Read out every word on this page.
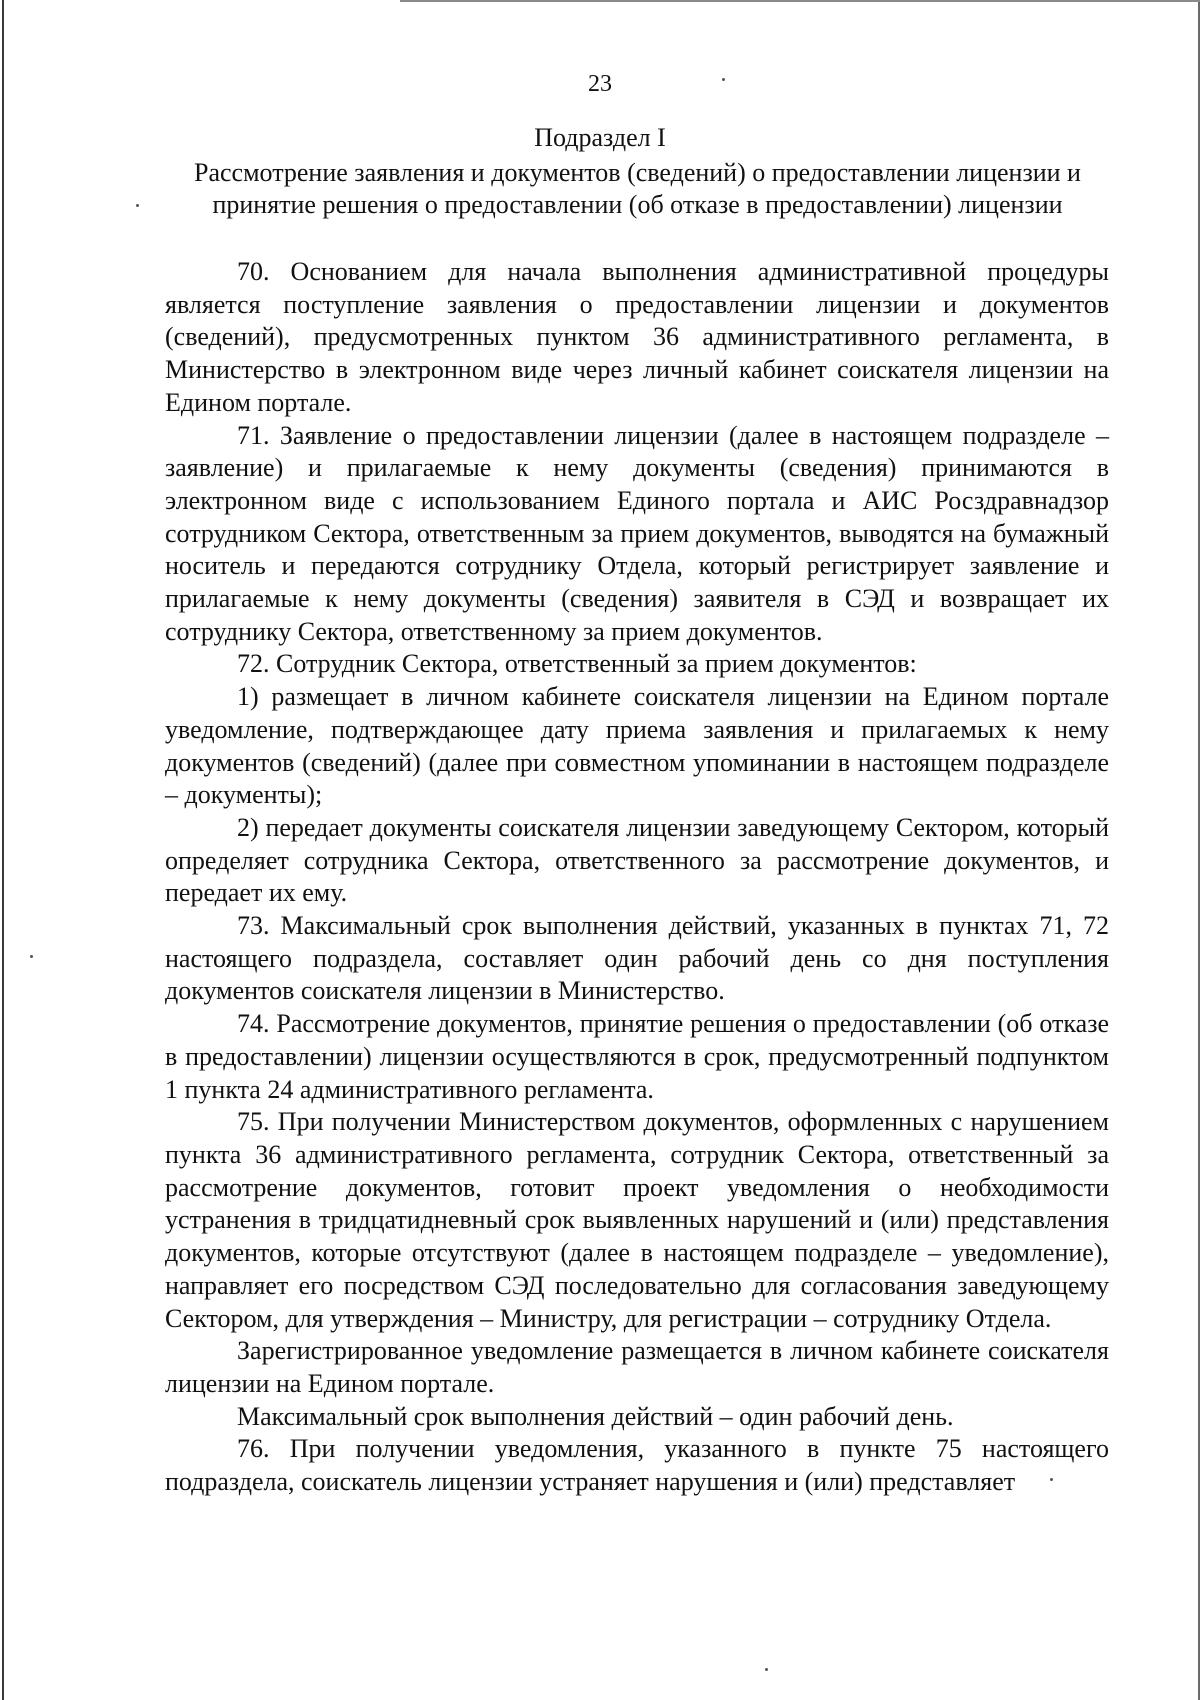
23
Подраздел I
Рассмотрение заявления и документов (сведений) о предоставлении лицензии и принятие решения о предоставлении (об отказе в предоставлении) лицензии

70. Основанием для начала выполнения административной процедуры является поступление заявления о предоставлении лицензии и документов (сведений), предусмотренных пунктом 36 административного регламента, в Министерство в электронном виде через личный кабинет соискателя лицензии на Едином портале.

71. Заявление о предоставлении лицензии (далее в настоящем подразделе – заявление) и прилагаемые к нему документы (сведения) принимаются в электронном виде с использованием Единого портала и АИС Росздравнадзор сотрудником Сектора, ответственным за прием документов, выводятся на бумажный носитель и передаются сотруднику Отдела, который регистрирует заявление и прилагаемые к нему документы (сведения) заявителя в СЭД и возвращает их сотруднику Сектора, ответственному за прием документов.

72. Сотрудник Сектора, ответственный за прием документов:

1) размещает в личном кабинете соискателя лицензии на Едином портале уведомление, подтверждающее дату приема заявления и прилагаемых к нему документов (сведений) (далее при совместном упоминании в настоящем подразделе – документы);

2) передает документы соискателя лицензии заведующему Сектором, который определяет сотрудника Сектора, ответственного за рассмотрение документов, и передает их ему.

73. Максимальный срок выполнения действий, указанных в пунктах 71, 72 настоящего подраздела, составляет один рабочий день со дня поступления документов соискателя лицензии в Министерство.

74. Рассмотрение документов, принятие решения о предоставлении (об отказе в предоставлении) лицензии осуществляются в срок, предусмотренный подпунктом 1 пункта 24 административного регламента.

75. При получении Министерством документов, оформленных с нарушением пункта 36 административного регламента, сотрудник Сектора, ответственный за рассмотрение документов, готовит проект уведомления о необходимости устранения в тридцатидневный срок выявленных нарушений и (или) представления документов, которые отсутствуют (далее в настоящем подразделе – уведомление), направляет его посредством СЭД последовательно для согласования заведующему Сектором, для утверждения – Министру, для регистрации – сотруднику Отдела.

Зарегистрированное уведомление размещается в личном кабинете соискателя лицензии на Едином портале.

Максимальный срок выполнения действий – один рабочий день.

76. При получении уведомления, указанного в пункте 75 настоящего подраздела, соискатель лицензии устраняет нарушения и (или) представляет
